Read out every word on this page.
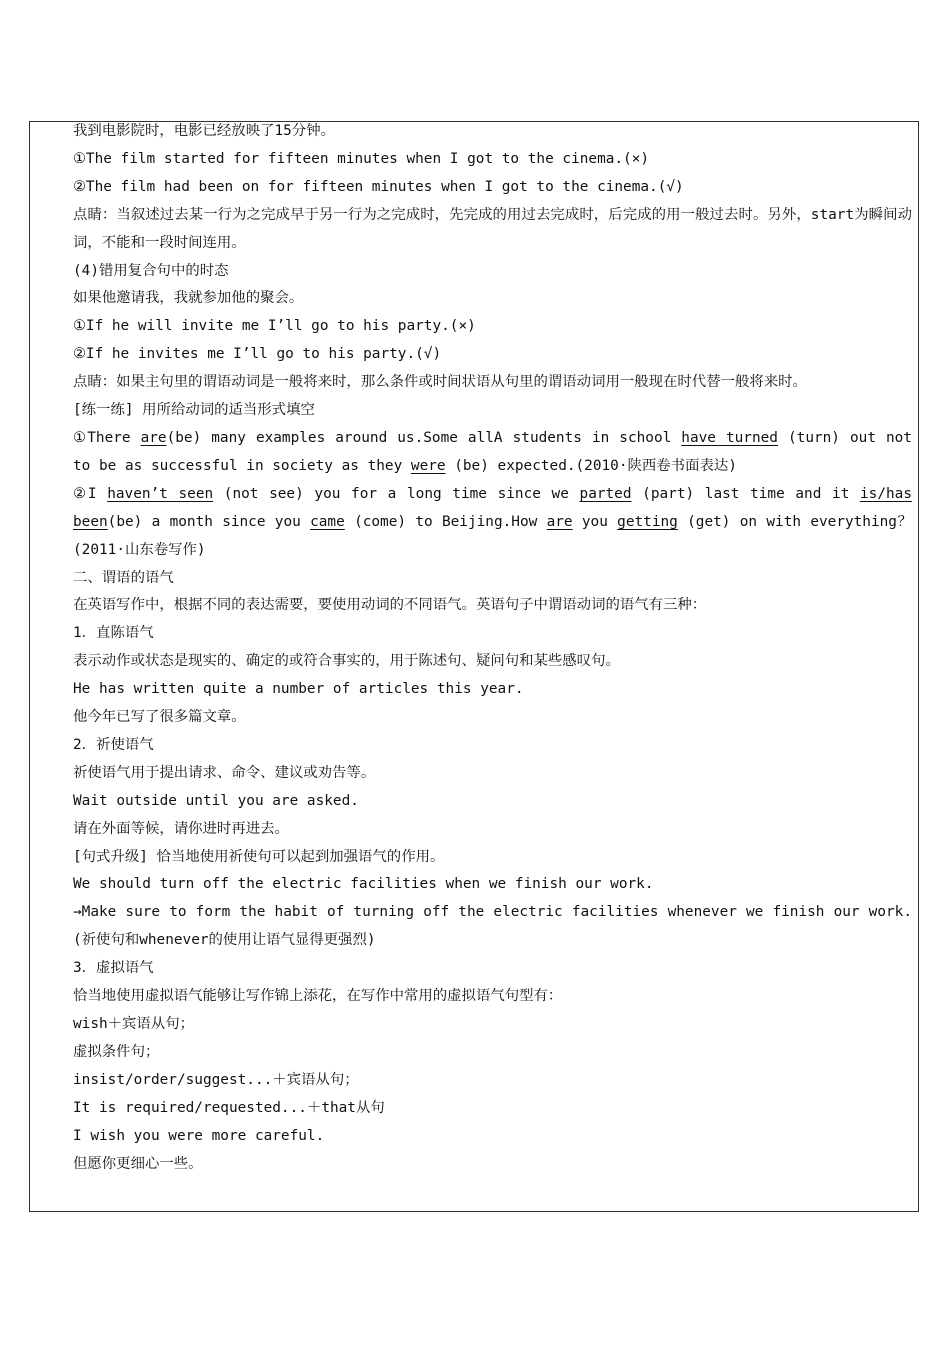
我到电影院时，电影已经放映了15分钟。
①The film started for fifteen minutes when I got to the cinema.(×)
②The film had been on for fifteen minutes when I got to the cinema.(√)
点睛：当叙述过去某一行为之完成早于另一行为之完成时，先完成的用过去完成时，后完成的用一般过去时。另外，start为瞬间动词，不能和一段时间连用。
(4)错用复合句中的时态
如果他邀请我，我就参加他的聚会。
①If he will invite me I’ll go to his party.(×)
②If he invites me I’ll go to his party.(√)
点睛：如果主句里的谓语动词是一般将来时，那么条件或时间状语从句里的谓语动词用一般现在时代替一般将来时。
[练一练] 用所给动词的适当形式填空
①There are(be) many examples around us.Some allA students in school have turned (turn) out not to be as successful in society as they were (be) expected.(2010·陕西卷书面表达)
②I haven’t seen (not see) you for a long time since we parted (part) last time and it is/has been(be) a month since you came (come) to Beijing.How are you getting (get) on with everything？(2011·山东卷写作)
二、谓语的语气
在英语写作中，根据不同的表达需要，要使用动词的不同语气。英语句子中谓语动词的语气有三种：
1．直陈语气
表示动作或状态是现实的、确定的或符合事实的，用于陈述句、疑问句和某些感叹句。
He has written quite a number of articles this year.
他今年已写了很多篇文章。
2．祈使语气
祈使语气用于提出请求、命令、建议或劝告等。
Wait outside until you are asked.
请在外面等候，请你进时再进去。
[句式升级] 恰当地使用祈使句可以起到加强语气的作用。
We should turn off the electric facilities when we finish our work.
→Make sure to form the habit of turning off the electric facilities whenever we finish our work.(祈使句和whenever的使用让语气显得更强烈)
3．虚拟语气
恰当地使用虚拟语气能够让写作锦上添花，在写作中常用的虚拟语气句型有：
wish＋宾语从句；
虚拟条件句；
insist/order/suggest...＋宾语从句；
It is required/requested...＋that从句
I wish you were more careful.
但愿你更细心一些。
